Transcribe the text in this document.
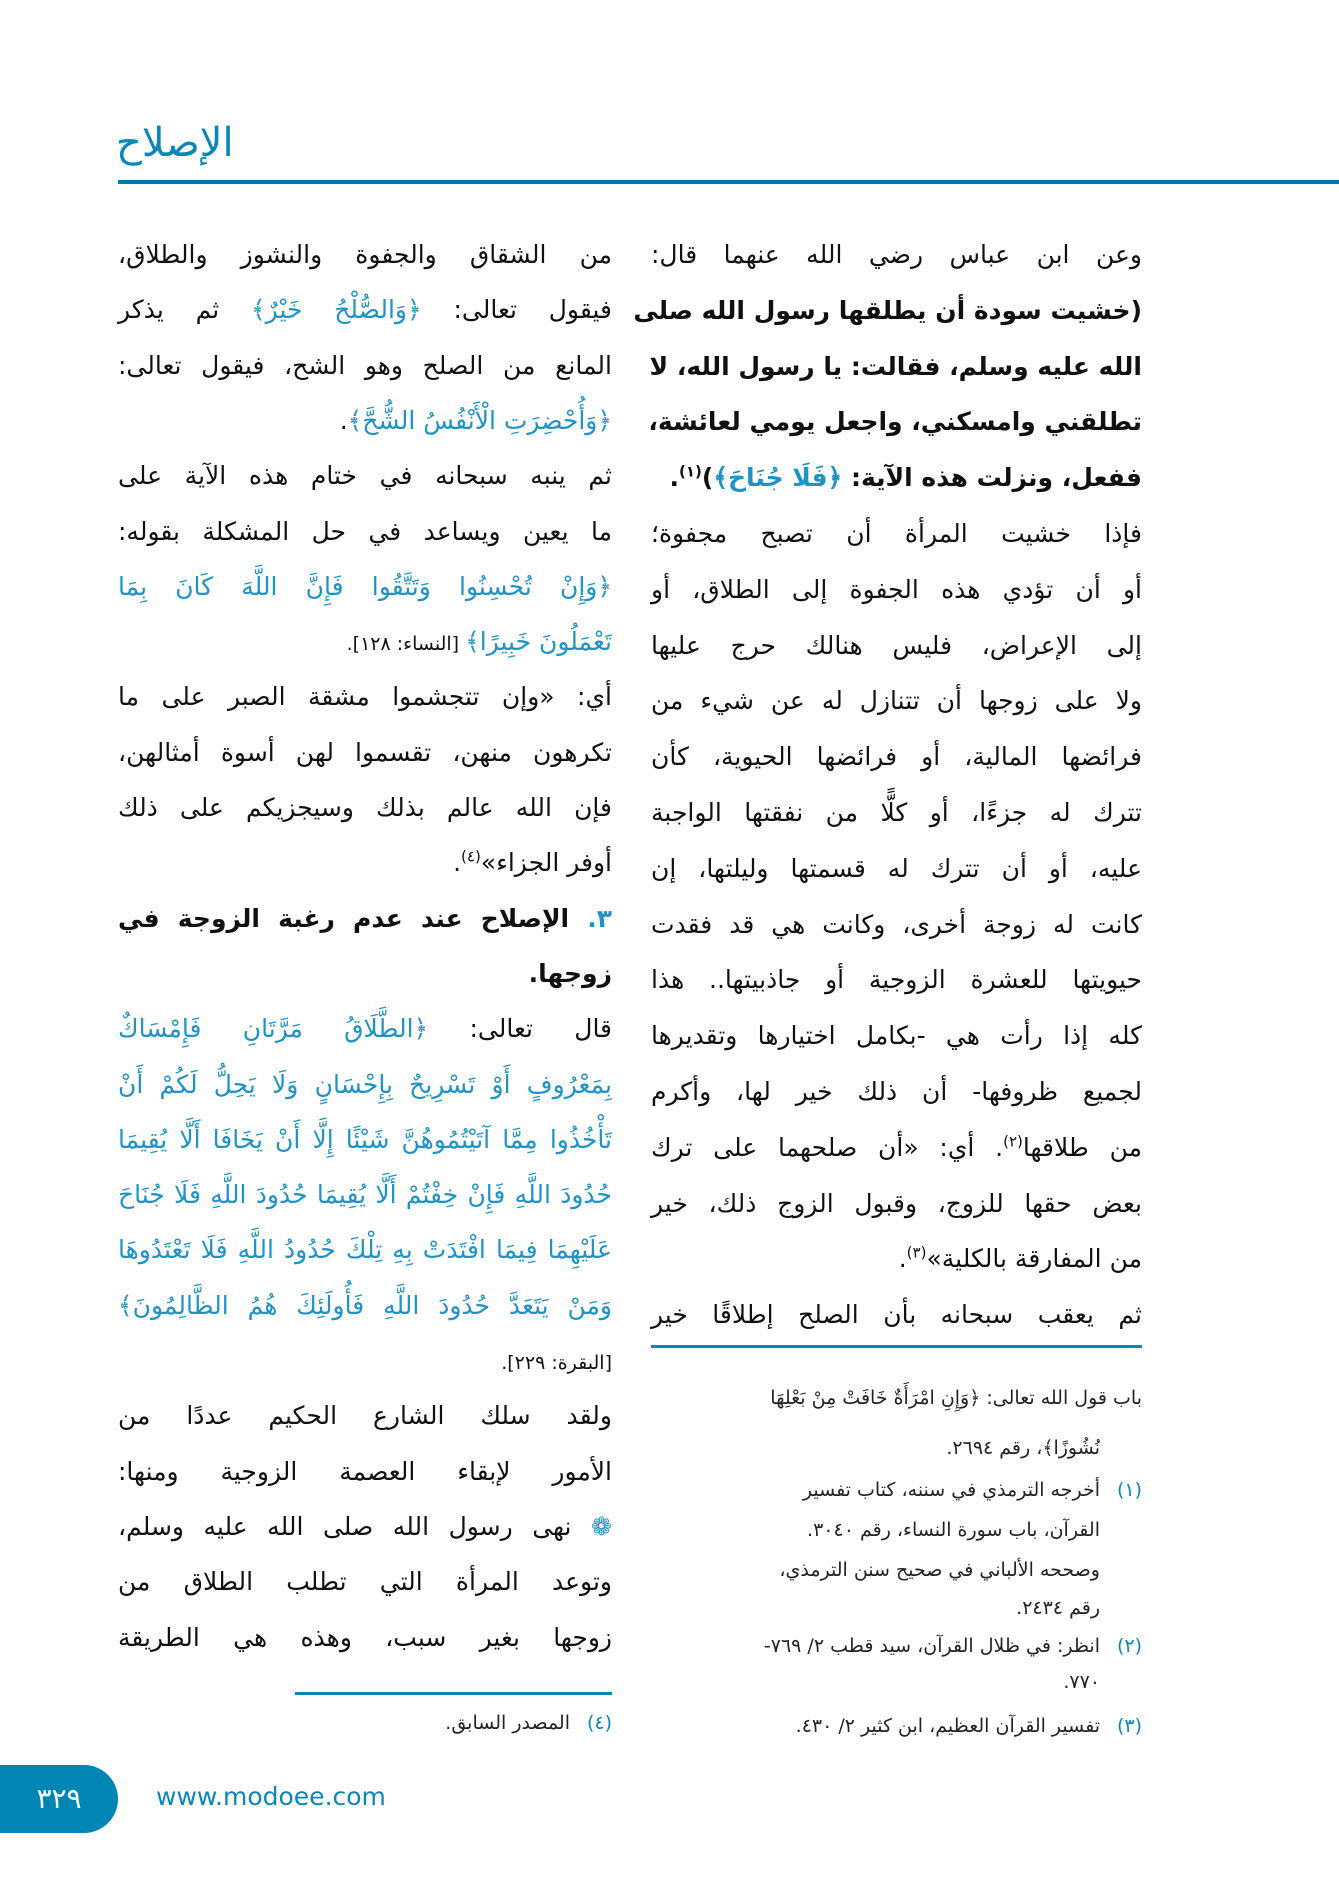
الإصلاح
وعن ابن عباس رضي الله عنهما قال:
(خشيت سودة أن يطلقها رسول الله صلى
الله عليه وسلم، فقالت: يا رسول الله، لا
تطلقني وامسكني، واجعل يومي لعائشة،
ففعل، ونزلت هذه الآية: ﴿فَلَا جُنَاحَ﴾)$^{(١)}$.
فإذا خشيت المرأة أن تصبح مجفوة؛
أو أن تؤدي هذه الجفوة إلى الطلاق، أو
إلى الإعراض، فليس هنالك حرج عليها
ولا على زوجها أن تتنازل له عن شيء من
فرائضها المالية، أو فرائضها الحيوية، كأن
تترك له جزءًا، أو كلًّا من نفقتها الواجبة
عليه، أو أن تترك له قسمتها وليلتها، إن
كانت له زوجة أخرى، وكانت هي قد فقدت
حيويتها للعشرة الزوجية أو جاذبيتها.. هذا
كله إذا رأت هي -بكامل اختيارها وتقديرها
لجميع ظروفها- أن ذلك خير لها، وأكرم
من طلاقها$^{(٢)}$. أي: «أن صلحهما على ترك
بعض حقها للزوج، وقبول الزوج ذلك، خير
من المفارقة بالكلية»$^{(٣)}$.
ثم يعقب سبحانه بأن الصلح إطلاقًا خير
من الشقاق والجفوة والنشوز والطلاق،
فيقول تعالى: ﴿وَالصُّلْحُ خَيْرٌ﴾ ثم يذكر
المانع من الصلح وهو الشح، فيقول تعالى:
﴿وَأُحْضِرَتِ الْأَنْفُسُ الشُّحَّ﴾.
ثم ينبه سبحانه في ختام هذه الآية على
ما يعين ويساعد في حل المشكلة بقوله:
﴿وَإِنْ تُحْسِنُوا وَتَتَّقُوا فَإِنَّ اللَّهَ كَانَ بِمَا
تَعْمَلُونَ خَبِيرًا﴾ [النساء: ١٢٨].
أي: «وإن تتجشموا مشقة الصبر على ما
تكرهون منهن، تقسموا لهن أسوة أمثالهن،
فإن الله عالم بذلك وسيجزيكم على ذلك
أوفر الجزاء»$^{(٤)}$.
٣. الإصلاح عند عدم رغبة الزوجة في
زوجها.
قال تعالى: ﴿الطَّلَاقُ مَرَّتَانِ فَإِمْسَاكٌ
بِمَعْرُوفٍ أَوْ تَسْرِيحٌ بِإِحْسَانٍ وَلَا يَحِلُّ لَكُمْ أَنْ
تَأْخُذُوا مِمَّا آتَيْتُمُوهُنَّ شَيْئًا إِلَّا أَنْ يَخَافَا أَلَّا يُقِيمَا
حُدُودَ اللَّهِ فَإِنْ خِفْتُمْ أَلَّا يُقِيمَا حُدُودَ اللَّهِ فَلَا جُنَاحَ
عَلَيْهِمَا فِيمَا افْتَدَتْ بِهِ تِلْكَ حُدُودُ اللَّهِ فَلَا تَعْتَدُوهَا
وَمَنْ يَتَعَدَّ حُدُودَ اللَّهِ فَأُولَئِكَ هُمُ الظَّالِمُونَ﴾
[البقرة: ٢٢٩].
ولقد سلك الشارع الحكيم عددًا من
الأمور لإبقاء العصمة الزوجية ومنها:
❁ نهى رسول الله صلى الله عليه وسلم،
وتوعد المرأة التي تطلب الطلاق من
زوجها بغير سبب، وهذه هي الطريقة
باب قول الله تعالى: ﴿وَإِنِ امْرَأَةٌ خَافَتْ مِنْ بَعْلِهَا
نُشُوزًا﴾، رقم ٢٦٩٤.
(١)أخرجه الترمذي في سننه، كتاب تفسير
القرآن، باب سورة النساء، رقم ٣٠٤٠.
وصححه الألباني في صحيح سنن الترمذي،
رقم ٢٤٣٤.
(٢)انظر: في ظلال القرآن، سيد قطب ٢/ ٧٦٩-
٧٧٠.
(٣)تفسير القرآن العظيم، ابن كثير ٢/ ٤٣٠.
(٤)المصدر السابق.
٣٢٩	www.modoee.com
